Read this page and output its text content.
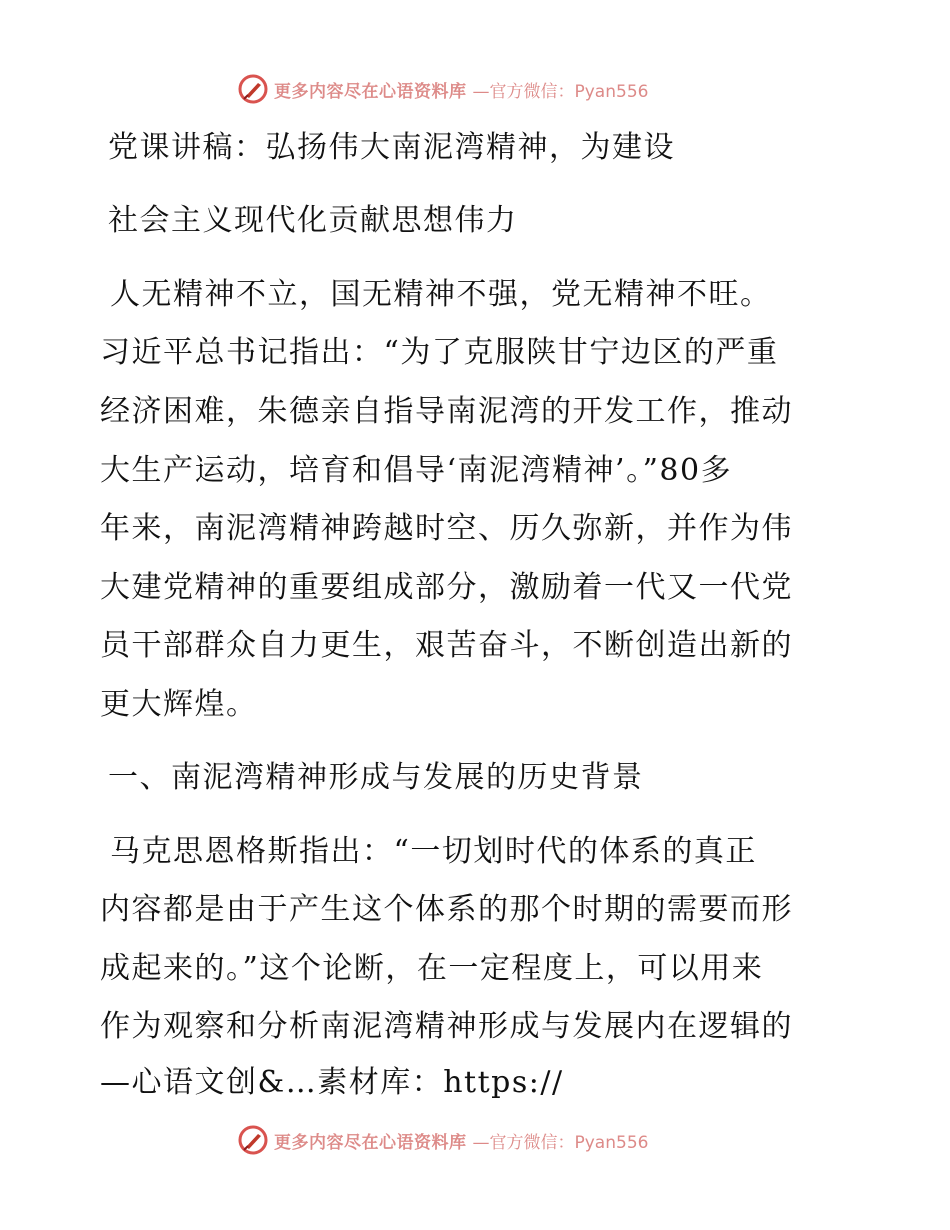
更多内容尽在心语资料库 —官方微信：Pyan556

党课讲稿：弘扬伟大南泥湾精神，为建设

社会主义现代化贡献思想伟力

人无精神不立，国无精神不强，党无精神不旺。

习近平总书记指出：“为了克服陕甘宁边区的严重

经济困难，朱德亲自指导南泥湾的开发工作，推动

大生产运动，培育和倡导‘南泥湾精神’。”80多

年来，南泥湾精神跨越时空、历久弥新，并作为伟

大建党精神的重要组成部分，激励着一代又一代党

员干部群众自力更生，艰苦奋斗，不断创造出新的

更大辉煌。

一、南泥湾精神形成与发展的历史背景

马克思恩格斯指出：“一切划时代的体系的真正

内容都是由于产生这个体系的那个时期的需要而形

成起来的。”这个论断，在一定程度上，可以用来

作为观察和分析南泥湾精神形成与发展内在逻辑的

—心语文创&…素材库：https://

更多内容尽在心语资料库 —官方微信：Pyan556
